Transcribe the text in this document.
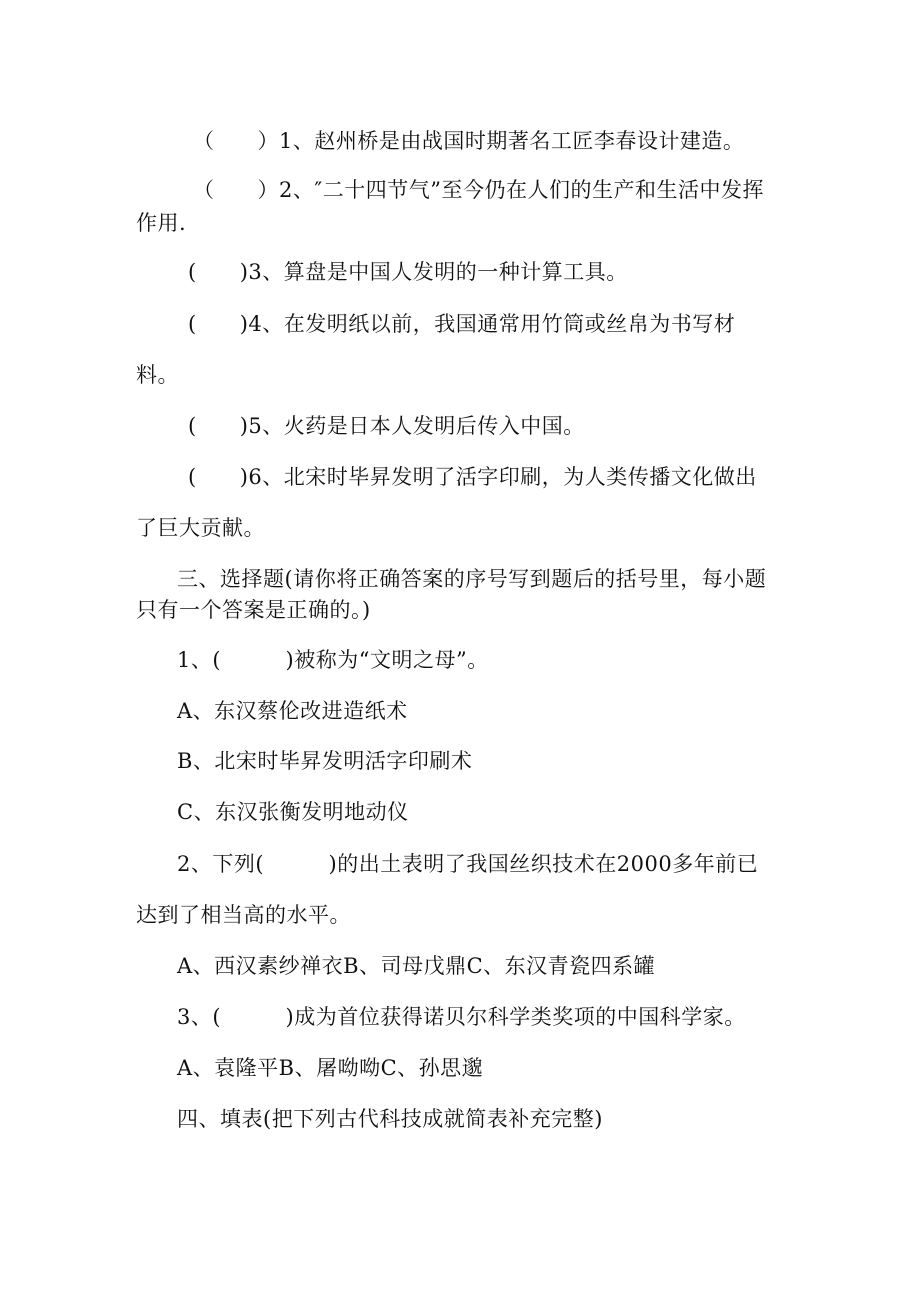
（　　）1、赵州桥是由战国时期著名工匠李春设计建造。
（　　）2、″二十四节气”至今仍在人们的生产和生活中发挥
作用.
(　　)3、算盘是中国人发明的一种计算工具。
(　　)4、在发明纸以前，我国通常用竹筒或丝帛为书写材
料。
(　　)5、火药是日本人发明后传入中国。
(　　)6、北宋时毕昇发明了活字印刷，为人类传播文化做出
了巨大贡献。
三、选择题(请你将正确答案的序号写到题后的括号里，每小题
只有一个答案是正确的。)
1、(　　　)被称为“文明之母”。
A、东汉蔡伦改进造纸术
B、北宋时毕昇发明活字印刷术
C、东汉张衡发明地动仪
2、下列(　　　)的出土表明了我国丝织技术在2000多年前已
达到了相当高的水平。
A、西汉素纱禅衣B、司母戊鼎C、东汉青瓷四系罐
3、(　　　)成为首位获得诺贝尔科学类奖项的中国科学家。
A、袁隆平B、屠呦呦C、孙思邈
四、填表(把下列古代科技成就简表补充完整)
